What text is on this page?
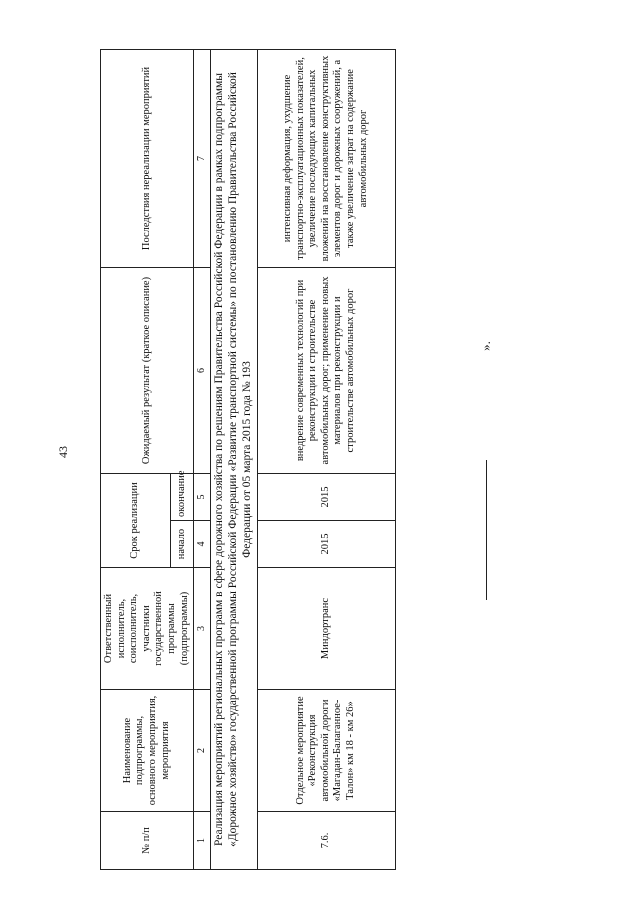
43
№ п/п	Наименование подпрограммы, основного мероприятия, мероприятия	Ответственный исполнитель, соисполнитель, участники государственной программы (подпрограммы)	Срок реализации		Ожидаемый результат (краткое описание)	Последствия нереализации мероприятий
			начало	окончание		
1	2	3	4	5	6	7
Реализация мероприятий региональных программ в сфере дорожного хозяйства по решениям Правительства Российской Федерации в рамках подпрограммы «Дорожное хозяйство» государственной программы Российской Федерации «Развитие транспортной системы» по постановлению Правительства Российской Федерации от 05 марта 2015 года № 193						
7.6.	Отдельное мероприятие «Реконструкция автомобильной дороги «Магадан-Балаганное-Талон» км 18 - км 26»	Миндортранс	2015	2015	внедрение современных технологий при реконструкции и строительстве автомобильных дорог; применение новых материалов при реконструкции и строительстве автомобильных дорог	интенсивная деформация, ухудшение транспортно-эксплуатационных показателей, увеличение последующих капитальных вложений на восстановление конструктивных элементов дорог и дорожных сооружений, а также увеличение затрат на содержание автомобильных дорог
».
